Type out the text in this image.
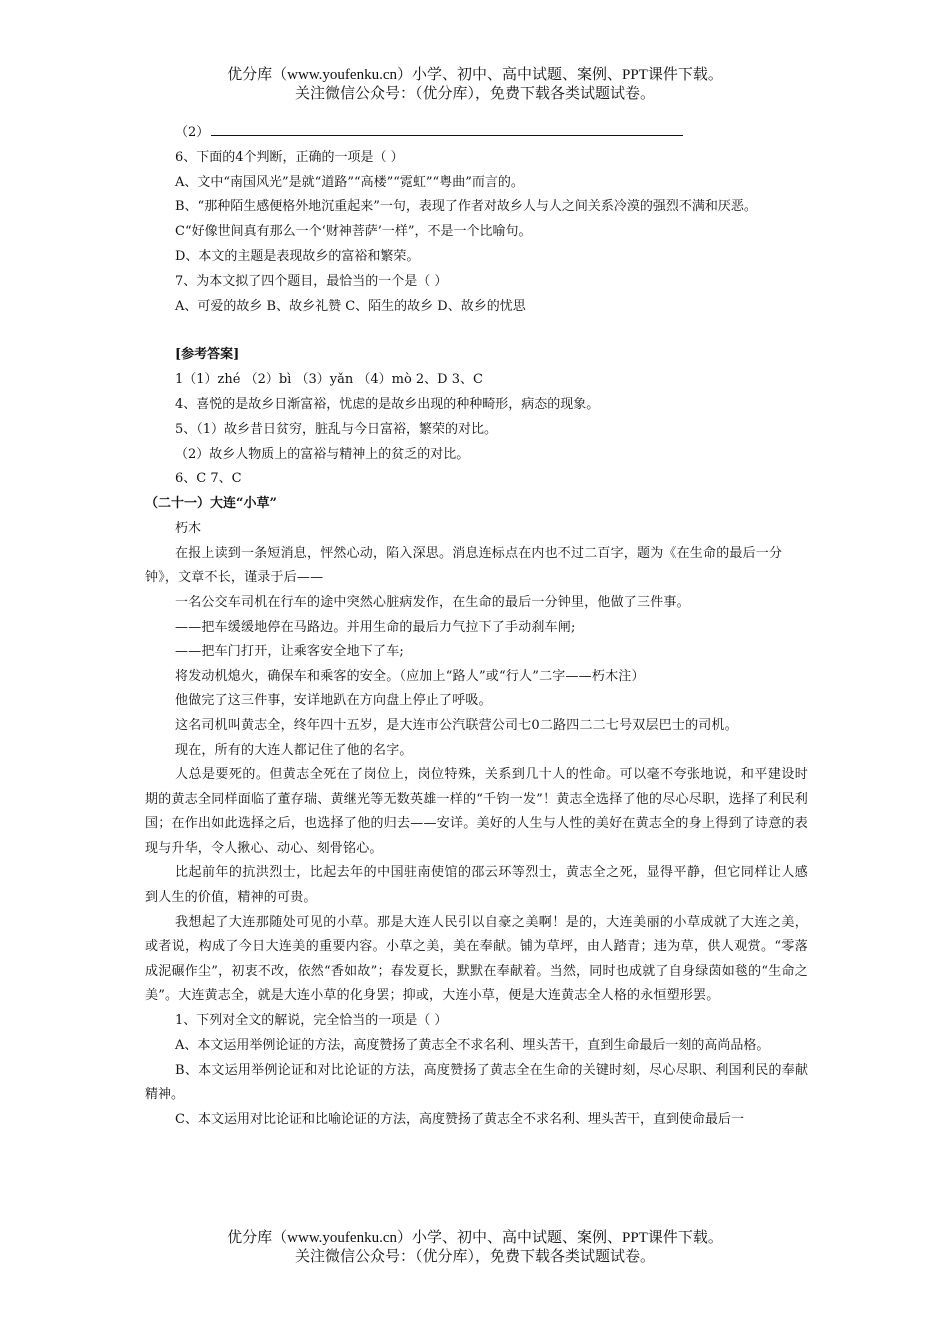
优分库（www.youfenku.cn）小学、初中、高中试题、案例、PPT课件下载。
关注微信公众号：（优分库），免费下载各类试题试卷。
（2）
6、下面的4个判断，正确的一项是（ ）
A、文中“南国风光”是就“道路”“高楼”“霓虹”“粤曲”而言的。
B、“那种陌生感便格外地沉重起来”一句，表现了作者对故乡人与人之间关系冷漠的强烈不满和厌恶。
C“好像世间真有那么一个‘财神菩萨’一样”，不是一个比喻句。
D、本文的主题是表现故乡的富裕和繁荣。
7、为本文拟了四个题目，最恰当的一个是（ ）
A、可爱的故乡 B、故乡礼赞 C、陌生的故乡 D、故乡的忧思
[参考答案]
1（1）zhé （2）bì （3）yǎn （4）mò 2、D 3、C
4、喜悦的是故乡日渐富裕，忧虑的是故乡出现的种种畸形，病态的现象。
5、（1）故乡昔日贫穷，脏乱与今日富裕，繁荣的对比。
（2）故乡人物质上的富裕与精神上的贫乏的对比。
6、C 7、C
（二十一）大连“小草”
朽木
在报上读到一条短消息，怦然心动，陷入深思。消息连标点在内也不过二百字，题为《在生命的最后一分钟》，文章不长，谨录于后——
一名公交车司机在行车的途中突然心脏病发作，在生命的最后一分钟里，他做了三件事。
——把车缓缓地停在马路边。并用生命的最后力气拉下了手动刹车闸;
——把车门打开，让乘客安全地下了车;
将发动机熄火，确保车和乘客的安全。（应加上“路人”或“行人”二字——朽木注）
他做完了这三件事，安详地趴在方向盘上停止了呼吸。
这名司机叫黄志全，终年四十五岁，是大连市公汽联营公司七0二路四二二七号双层巴士的司机。
现在，所有的大连人都记住了他的名字。
人总是要死的。但黄志全死在了岗位上，岗位特殊，关系到几十人的性命。可以毫不夸张地说，和平建设时期的黄志全同样面临了董存瑞、黄继光等无数英雄一样的“千钧一发”！黄志全选择了他的尽心尽职，选择了利民利国；在作出如此选择之后，也选择了他的归去——安详。美好的人生与人性的美好在黄志全的身上得到了诗意的表现与升华，令人揪心、动心、刻骨铭心。
比起前年的抗洪烈士，比起去年的中国驻南使馆的邵云环等烈士，黄志全之死，显得平静，但它同样让人感到人生的价值，精神的可贵。
我想起了大连那随处可见的小草。那是大连人民引以自豪之美啊！是的，大连美丽的小草成就了大连之美，或者说，构成了今日大连美的重要内容。小草之美，美在奉献。铺为草坪，由人踏青；违为草，供人观赏。“零落成泥碾作尘”，初衷不改，依然“香如故”；春发夏长，默默在奉献着。当然，同时也成就了自身绿茵如毯的“生命之美”。大连黄志全，就是大连小草的化身罢；抑或，大连小草，便是大连黄志全人格的永恒塑形罢。
1、下列对全文的解说，完全恰当的一项是（ ）
A、本文运用举例论证的方法，高度赞扬了黄志全不求名利、埋头苦干，直到生命最后一刻的高尚品格。
B、本文运用举例论证和对比论证的方法，高度赞扬了黄志全在生命的关键时刻，尽心尽职、利国利民的奉献精神。
C、本文运用对比论证和比喻论证的方法，高度赞扬了黄志全不求名利、埋头苦干，直到使命最后一
优分库（www.youfenku.cn）小学、初中、高中试题、案例、PPT课件下载。
关注微信公众号：（优分库），免费下载各类试题试卷。
